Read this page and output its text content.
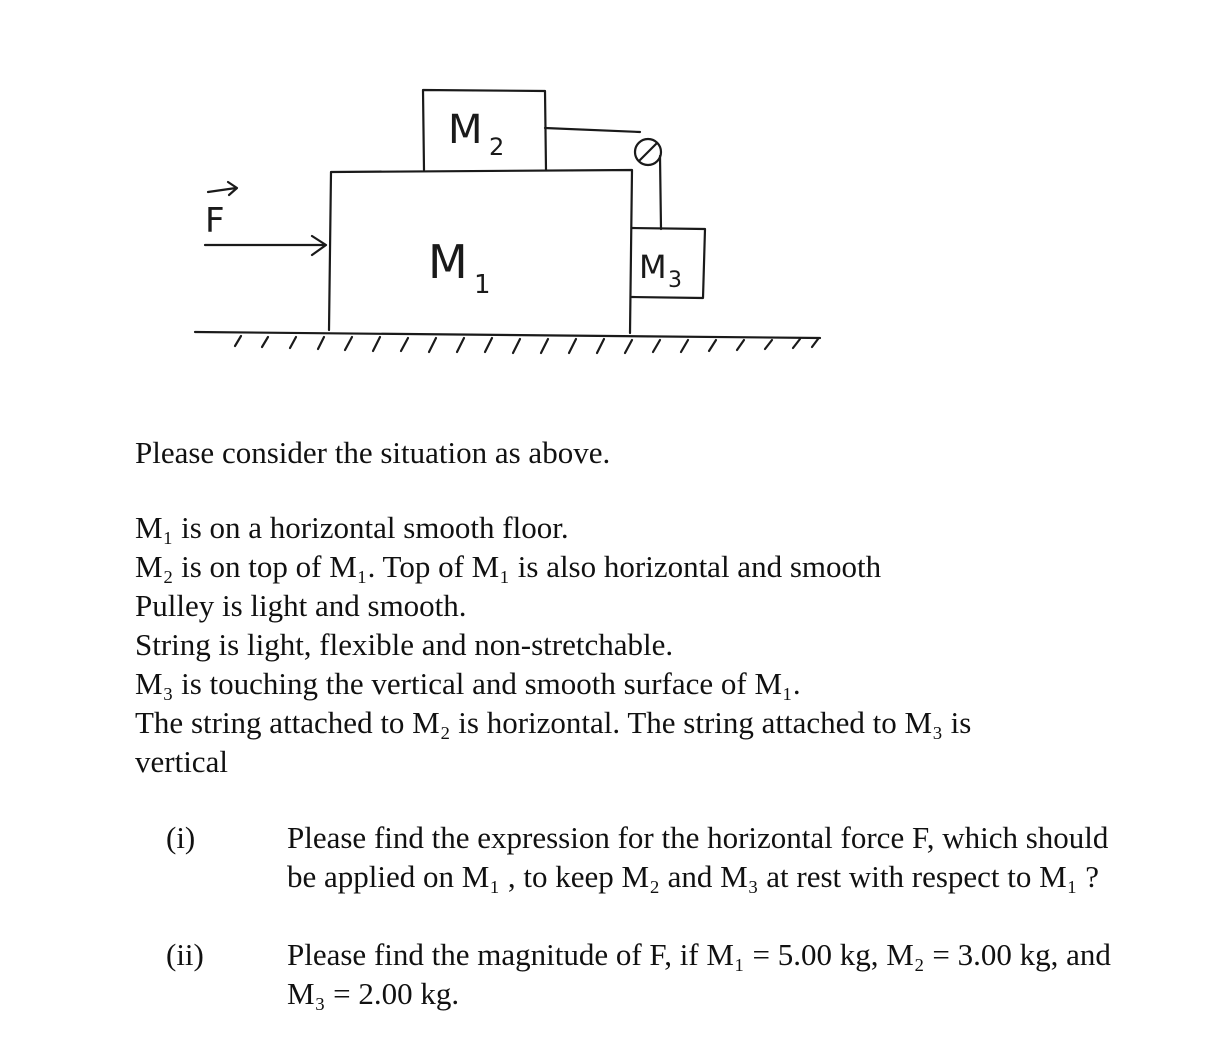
F
M 2
M 1	M 3

Please consider the situation as above.

M₁ is on a horizontal smooth floor.

M₂ is on top of M₁. Top of M₁ is also horizontal and smooth

Pulley is light and smooth.

String is light, flexible and non-stretchable.

M₃ is touching the vertical and smooth surface of M₁.

The string attached to M₂ is horizontal. The string attached to M₃ is vertical

(i)	Please find the expression for the horizontal force F, which should be applied on M₁ , to keep M₂ and M₃ at rest with respect to M₁ ?
(ii)	Please find the magnitude of F, if M₁ = 5.00 kg, M₂ = 3.00 kg, and M₃ = 2.00 kg.
